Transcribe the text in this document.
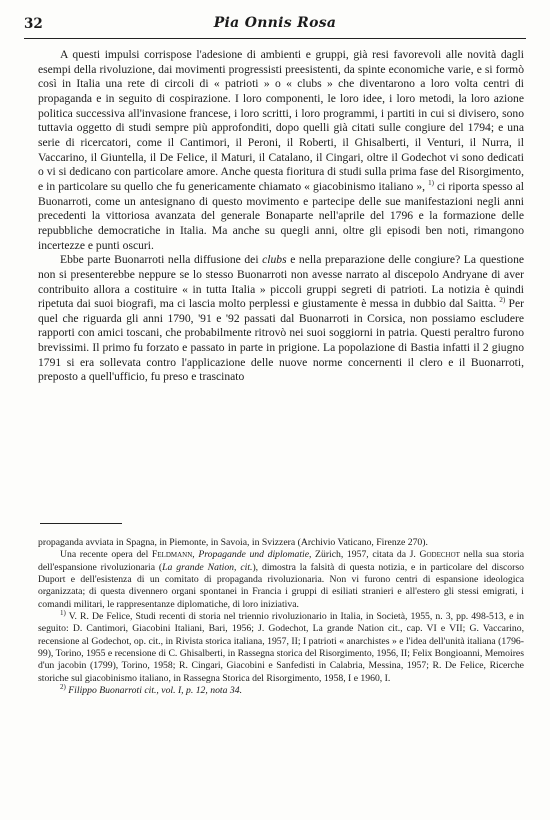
32	Pia Onnis Rosa

A questi impulsi corrispose l'adesione di ambienti e gruppi, già resi favorevoli alle novità dagli esempi della rivoluzione, dai movimenti progressisti preesistenti, da spinte economiche varie, e si formò così in Italia una rete di circoli di « patrioti » o « clubs » che diventarono a loro volta centri di propaganda e in seguito di cospirazione. I loro componenti, le loro idee, i loro metodi, la loro azione politica successiva all'invasione francese, i loro scritti, i loro programmi, i partiti in cui si divisero, sono tuttavia oggetto di studi sempre più approfonditi, dopo quelli già citati sulle congiure del 1794; e una serie di ricercatori, come il Cantimori, il Peroni, il Roberti, il Ghisalberti, il Venturi, il Nurra, il Vaccarino, il Giuntella, il De Felice, il Maturi, il Catalano, il Cingari, oltre il Godechot vi sono dedicati o vi si dedicano con particolare amore. Anche questa fioritura di studi sulla prima fase del Risorgimento, e in particolare su quello che fu genericamente chiamato « giacobinismo italiano », $^{1)}$ ci riporta spesso al Buonarroti, come un antesignano di questo movimento e partecipe delle sue manifestazioni negli anni precedenti la vittoriosa avanzata del generale Bonaparte nell'aprile del 1796 e la formazione delle repubbliche democratiche in Italia. Ma anche su quegli anni, oltre gli episodi ben noti, rimangono incertezze e punti oscuri.

Ebbe parte Buonarroti nella diffusione dei clubs e nella preparazione delle congiure? La questione non si presenterebbe neppure se lo stesso Buonarroti non avesse narrato al discepolo Andryane di aver contribuito allora a costituire « in tutta Italia » piccoli gruppi segreti di patrioti. La notizia è quindi ripetuta dai suoi biografi, ma ci lascia molto perplessi e giustamente è messa in dubbio dal Saitta. $^{2)}$ Per quel che riguarda gli anni 1790, '91 e '92 passati dal Buonarroti in Corsica, non possiamo escludere rapporti con amici toscani, che probabilmente ritrovò nei suoi soggiorni in patria. Questi peraltro furono brevissimi. Il primo fu forzato e passato in parte in prigione. La popolazione di Bastia infatti il 2 giugno 1791 si era sollevata contro l'applicazione delle nuove norme concernenti il clero e il Buonarroti, preposto a quell'ufficio, fu preso e trascinato

propaganda avviata in Spagna, in Piemonte, in Savoia, in Svizzera (Archivio Vaticano, Firenze 270).

Una recente opera del Feldmann, Propagande und diplomatie, Zürich, 1957, citata da J. Godechot nella sua storia dell'espansione rivoluzionaria (La grande Nation, cit.), dimostra la falsità di questa notizia, e in particolare del discorso Duport e dell'esistenza di un comitato di propaganda rivoluzionaria. Non vi furono centri di espansione ideologica organizzata; di questa divennero organi spontanei in Francia i gruppi di esiliati stranieri e all'estero gli stessi emigrati, i comandi militari, le rappresentanze diplomatiche, di loro iniziativa.

$^{1)}$ V. R. De Felice, Studi recenti di storia nel triennio rivoluzionario in Italia, in Società, 1955, n. 3, pp. 498-513, e in seguito: D. Cantimori, Giacobini Italiani, Bari, 1956; J. Godechot, La grande Nation cit., cap. VI e VII; G. Vaccarino, recensione al Godechot, op. cit., in Rivista storica italiana, 1957, II; I patrioti « anarchistes » e l'idea dell'unità italiana (1796-99), Torino, 1955 e recensione di C. Ghisalberti, in Rassegna storica del Risorgimento, 1956, II; Felix Bongioanni, Memoires d'un jacobin (1799), Torino, 1958; R. Cingari, Giacobini e Sanfedisti in Calabria, Messina, 1957; R. De Felice, Ricerche storiche sul giacobinismo italiano, in Rassegna Storica del Risorgimento, 1958, I e 1960, I.

$^{2)}$ Filippo Buonarroti cit., vol. I, p. 12, nota 34.
